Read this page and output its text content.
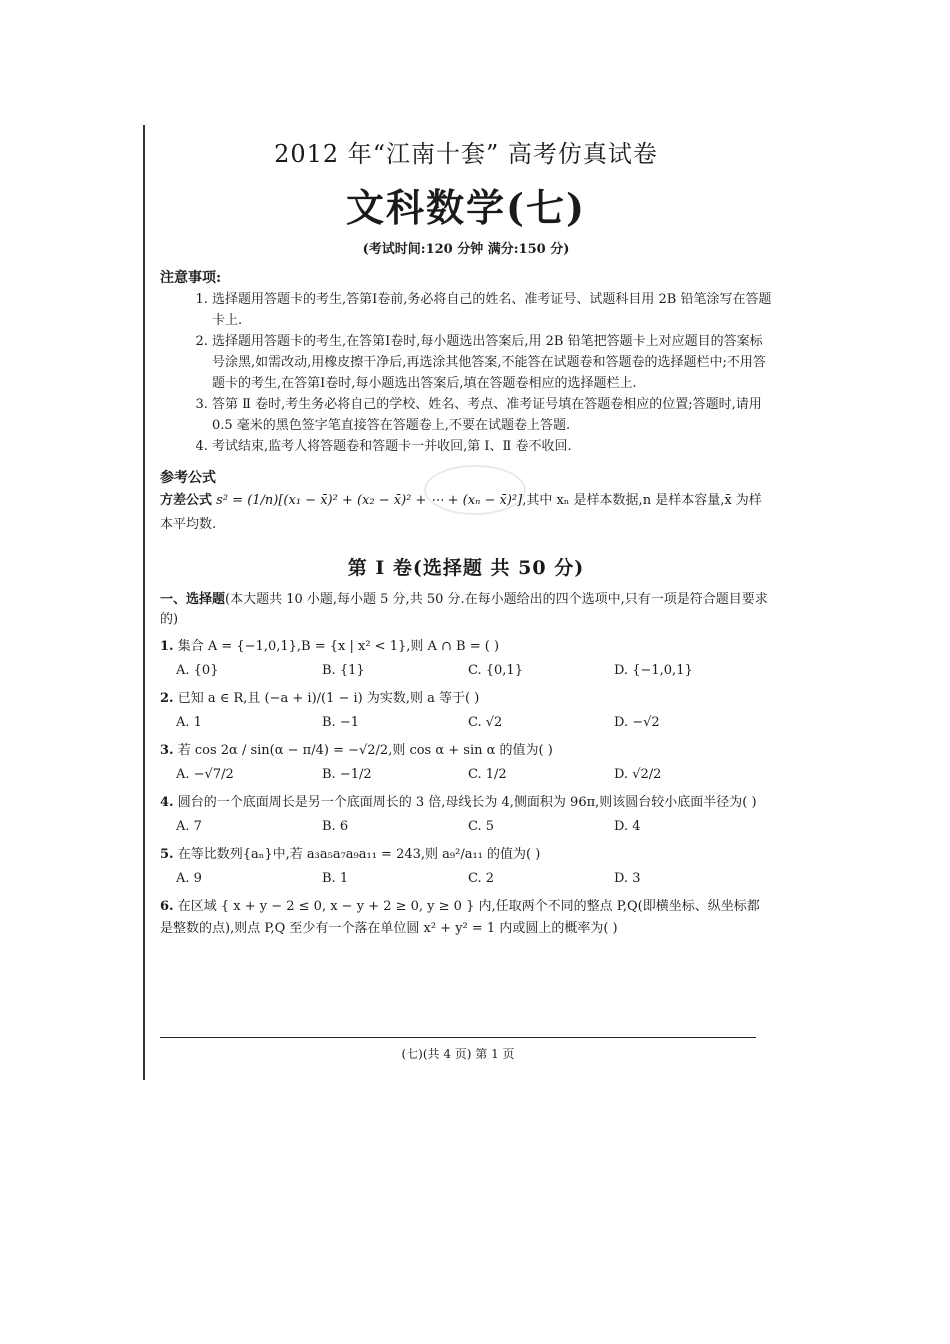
2012 年“江南十套” 高考仿真试卷
文科数学(七)
(考试时间:120 分钟 满分:150 分)
注意事项:
1. 选择题用答题卡的考生,答第Ⅰ卷前,务必将自己的姓名、准考证号、试题科目用 2B 铅笔涂写在答题卡上.
2. 选择题用答题卡的考生,在答第Ⅰ卷时,每小题选出答案后,用 2B 铅笔把答题卡上对应题目的答案标号涂黑,如需改动,用橡皮擦干净后,再选涂其他答案,不能答在试题卷和答题卷的选择题栏中;不用答题卡的考生,在答第Ⅰ卷时,每小题选出答案后,填在答题卷相应的选择题栏上.
3. 答第 Ⅱ 卷时,考生务必将自己的学校、姓名、考点、准考证号填在答题卷相应的位置;答题时,请用 0.5 毫米的黑色签字笔直接答在答题卷上,不要在试题卷上答题.
4. 考试结束,监考人将答题卷和答题卡一并收回,第 Ⅰ、Ⅱ 卷不收回.
参考公式
方差公式 s² = (1/n)[(x₁ − x̄)² + (x₂ − x̄)² + ⋯ + (xₙ − x̄)²],其中 xₙ 是样本数据,n 是样本容量,x̄ 为样本平均数.
第 Ⅰ 卷(选择题 共 50 分)
一、选择题(本大题共 10 小题,每小题 5 分,共 50 分.在每小题给出的四个选项中,只有一项是符合题目要求的)
1. 集合 A = {−1,0,1},B = {x | x² < 1},则 A ∩ B = ( )
A. {0}	B. {1}	C. {0,1}	D. {−1,0,1}
2. 已知 a ∈ R,且 (−a + i)/(1 − i) 为实数,则 a 等于( )
A. 1	B. −1	C. √2	D. −√2
3. 若 cos 2α / sin(α − π/4) = −√2/2,则 cos α + sin α 的值为( )
A. −√7/2	B. −1/2	C. 1/2	D. √2/2
4. 圆台的一个底面周长是另一个底面周长的 3 倍,母线长为 4,侧面积为 96π,则该圆台较小底面半径为( )
A. 7	B. 6	C. 5	D. 4
5. 在等比数列{aₙ}中,若 a₃a₅a₇a₉a₁₁ = 243,则 a₉²/a₁₁ 的值为( )
A. 9	B. 1	C. 2	D. 3
6. 在区域 { x + y − 2 ≤ 0, x − y + 2 ≥ 0, y ≥ 0 } 内,任取两个不同的整点 P,Q(即横坐标、纵坐标都是整数的点),则点 P,Q 至少有一个落在单位圆 x² + y² = 1 内或圆上的概率为( )
(七)(共 4 页) 第 1 页
